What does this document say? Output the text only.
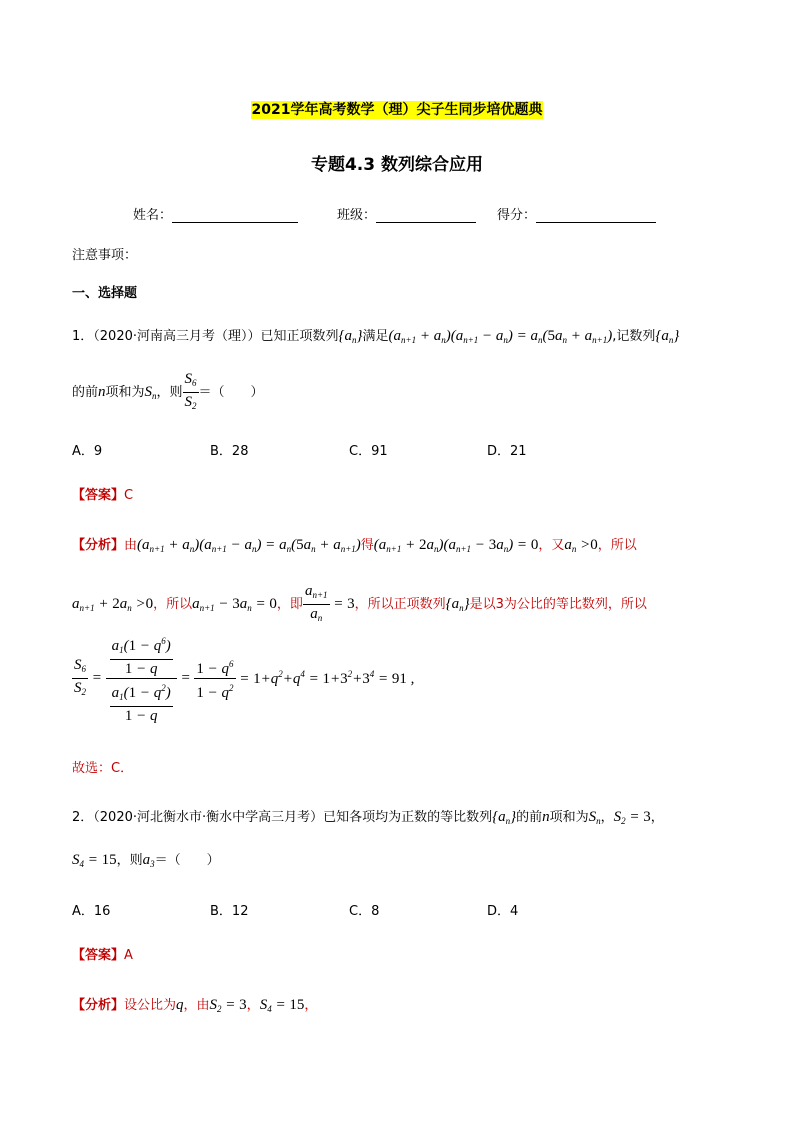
2021学年高考数学（理）尖子生同步培优题典
专题4.3 数列综合应用
姓名：	班级：	得分：
注意事项：
一、选择题
1．（2020·河南高三月考（理））已知正项数列$\{a_n\}$满足$(a_{n+1} + a_n)(a_{n+1} - a_n) = a_n(5a_n + a_{n+1})$,记数列$\{a_n\}$
的前n项和为$S_n$，则 $\frac{S_6}{S_2}$ ＝（　　）
A．9	B．28	C．91	D．21
【答案】C
【分析】由$(a_{n+1} + a_n)(a_{n+1} - a_n) = a_n(5a_n + a_{n+1})$得$(a_{n+1} + 2a_n)(a_{n+1} - 3a_n) = 0$，又$a_n >0$，所以
$a_{n+1} + 2a_n >0$，所以$a_{n+1} - 3a_n = 0$，即 $\frac{a_{n+1}}{a_n} = 3$，所以正项数列$\{a_n\}$是以3为公比的等比数列，所以
$\frac{S_6}{S_2} = \frac{\frac{a_1(1 - q^6)}{1 - q}}{\frac{a_1(1 - q^2)}{1 - q}} = \frac{1 - q^6}{1 - q^2} = 1+q^2+q^4 = 1+3^2+3^4 = 91$ ,
故选：C．
2．（2020·河北衡水市·衡水中学高三月考）已知各项均为正数的等比数列$\{a_n\}$的前n项和为$S_n$，$S_2 = 3$，
$S_4 = 15$，则$a_3=$（　　）
A．16	B．12	C．8	D．4
【答案】A
【分析】设公比为q，由$S_2 = 3$，$S_4 = 15$，
